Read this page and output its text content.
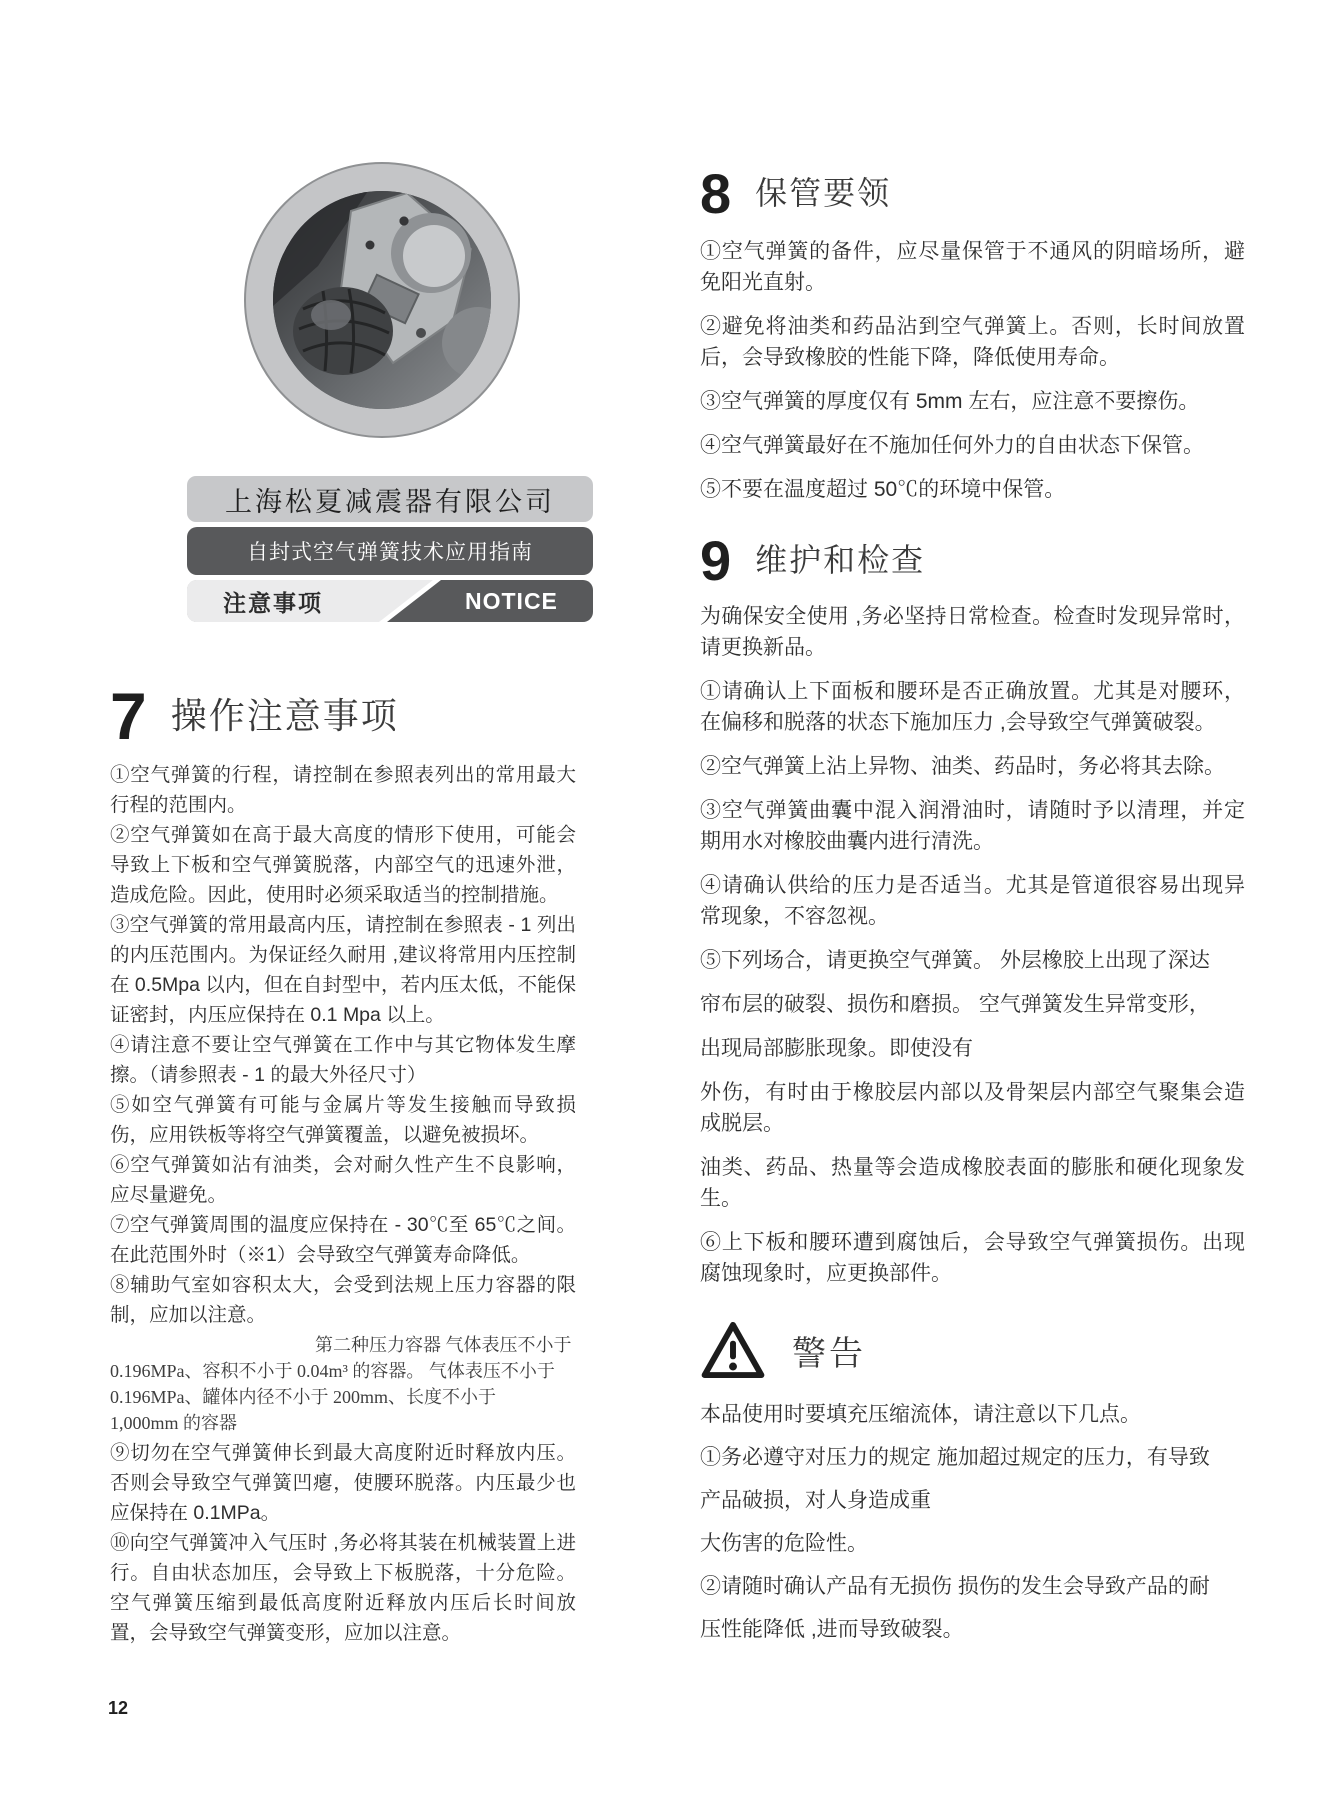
上海松夏减震器有限公司
自封式空气弹簧技术应用指南
注意事项	NOTICE
7 操作注意事项

①空气弹簧的行程，请控制在参照表列出的常用最大行程的范围内。

②空气弹簧如在高于最大高度的情形下使用，可能会导致上下板和空气弹簧脱落，内部空气的迅速外泄，造成危险。因此，使用时必须采取适当的控制措施。

③空气弹簧的常用最高内压，请控制在参照表 - 1 列出的内压范围内。为保证经久耐用 ,建议将常用内压控制在 0.5Mpa 以内，但在自封型中，若内压太低，不能保证密封，内压应保持在 0.1 Mpa 以上。

④请注意不要让空气弹簧在工作中与其它物体发生摩擦。（请参照表 - 1 的最大外径尺寸）

⑤如空气弹簧有可能与金属片等发生接触而导致损伤，应用铁板等将空气弹簧覆盖，以避免被损坏。

⑥空气弹簧如沾有油类，会对耐久性产生不良影响，应尽量避免。

⑦空气弹簧周围的温度应保持在 - 30℃至 65℃之间。在此范围外时（※1）会导致空气弹簧寿命降低。

⑧辅助气室如容积太大，会受到法规上压力容器的限制，应加以注意。

第二种压力容器 气体表压不小于

0.196MPa、容积不小于 0.04m³ 的容器。 气体表压不小于

0.196MPa、罐体内径不小于 200mm、长度不小于

1,000mm 的容器

⑨切勿在空气弹簧伸长到最大高度附近时释放内压。否则会导致空气弹簧凹瘪，使腰环脱落。内压最少也应保持在 0.1MPa。

⑩向空气弹簧冲入气压时 ,务必将其装在机械装置上进行。自由状态加压，会导致上下板脱落，十分危险。空气弹簧压缩到最低高度附近释放内压后长时间放置，会导致空气弹簧变形，应加以注意。

8 保管要领

①空气弹簧的备件，应尽量保管于不通风的阴暗场所，避免阳光直射。

②避免将油类和药品沾到空气弹簧上。否则，长时间放置后，会导致橡胶的性能下降，降低使用寿命。

③空气弹簧的厚度仅有 5mm 左右，应注意不要擦伤。

④空气弹簧最好在不施加任何外力的自由状态下保管。

⑤不要在温度超过 50℃的环境中保管。

9 维护和检查

为确保安全使用 ,务必坚持日常检查。检查时发现异常时，请更换新品。

①请确认上下面板和腰环是否正确放置。尤其是对腰环，在偏移和脱落的状态下施加压力 ,会导致空气弹簧破裂。

②空气弹簧上沾上异物、油类、药品时，务必将其去除。

③空气弹簧曲囊中混入润滑油时，请随时予以清理，并定期用水对橡胶曲囊内进行清洗。

④请确认供给的压力是否适当。尤其是管道很容易出现异常现象，不容忽视。

⑤下列场合，请更换空气弹簧。 外层橡胶上出现了深达

帘布层的破裂、损伤和磨损。 空气弹簧发生异常变形，

出现局部膨胀现象。即使没有

外伤，有时由于橡胶层内部以及骨架层内部空气聚集会造成脱层。

油类、药品、热量等会造成橡胶表面的膨胀和硬化现象发生。

⑥上下板和腰环遭到腐蚀后，会导致空气弹簧损伤。出现腐蚀现象时，应更换部件。

警告

本品使用时要填充压缩流体，请注意以下几点。

①务必遵守对压力的规定 施加超过规定的压力，有导致

产品破损，对人身造成重

大伤害的危险性。

②请随时确认产品有无损伤 损伤的发生会导致产品的耐

压性能降低 ,进而导致破裂。

12
